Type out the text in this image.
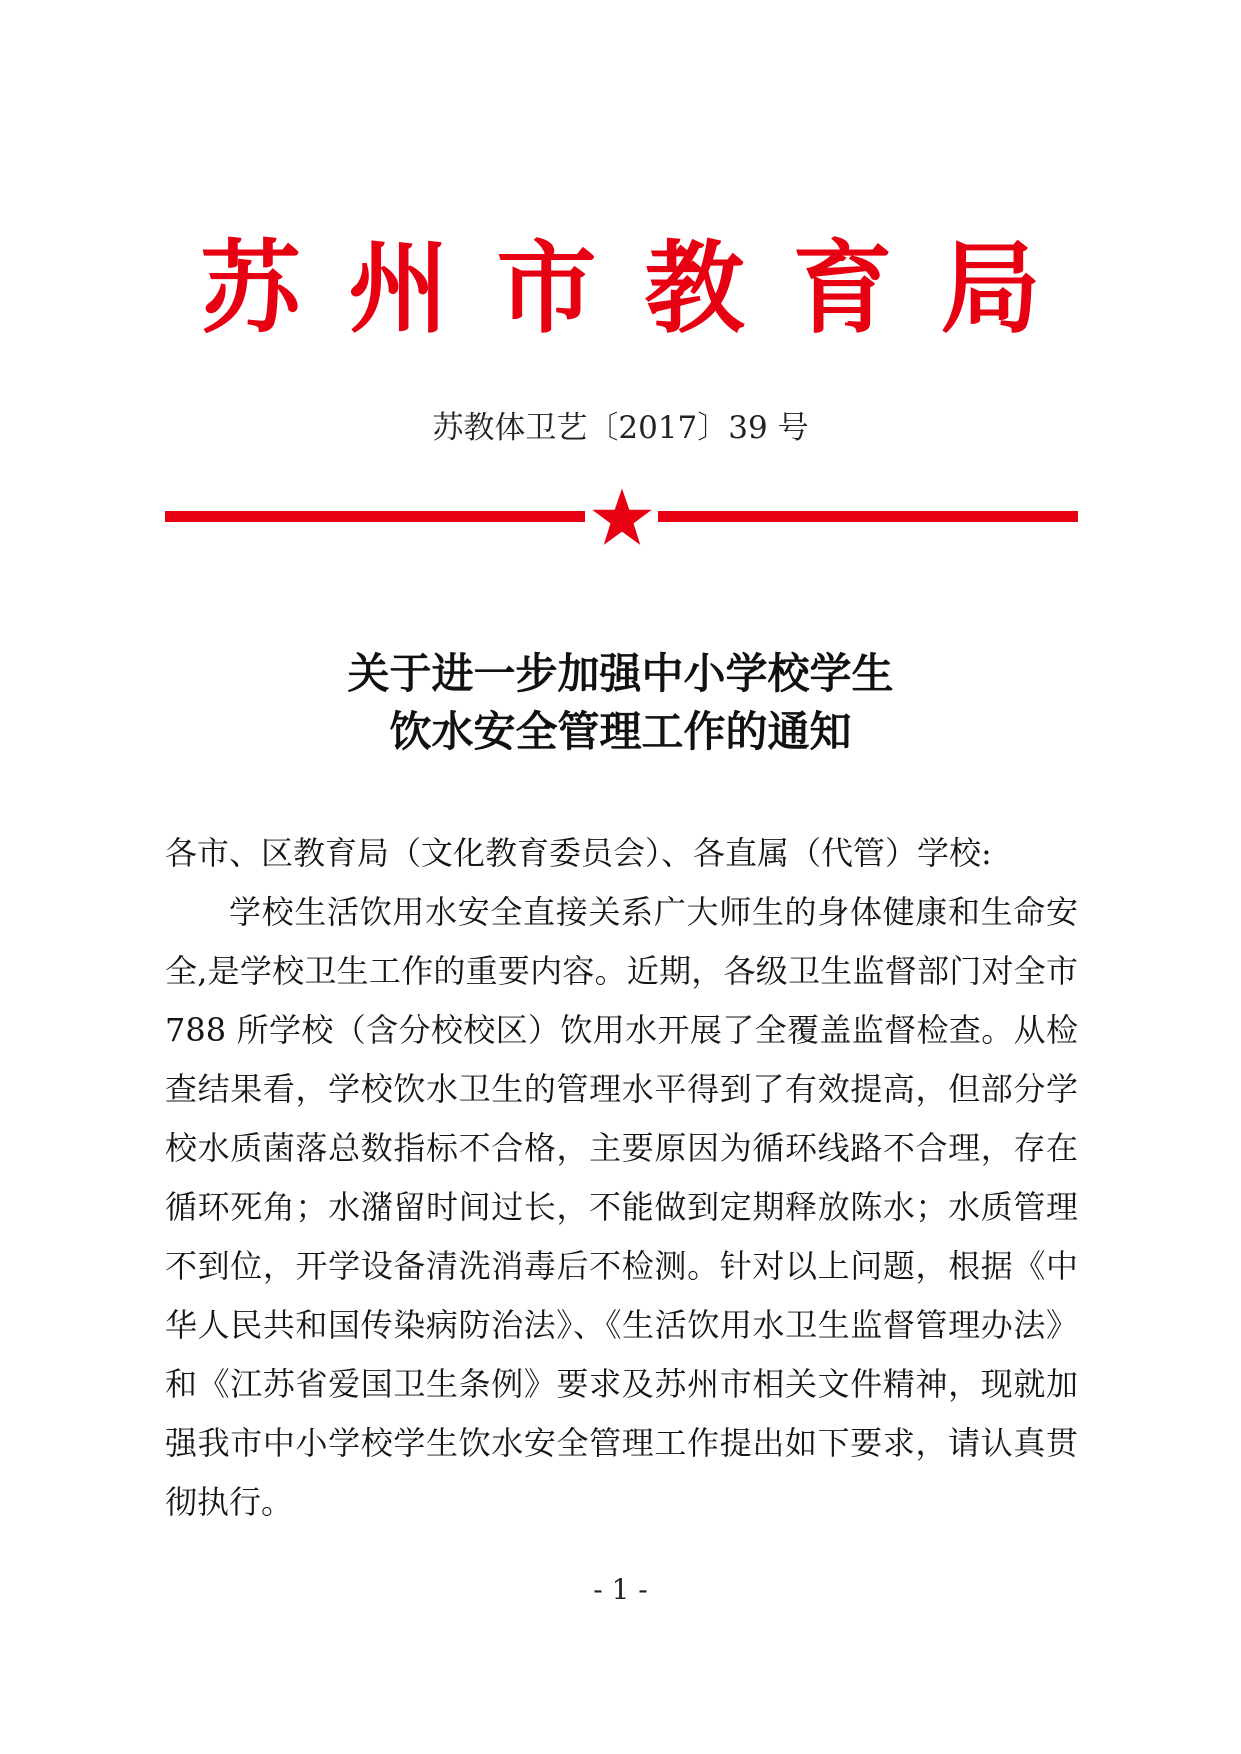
苏州市教育局
苏教体卫艺〔2017〕39 号
关于进一步加强中小学校学生
饮水安全管理工作的通知

各市、区教育局（文化教育委员会）、各直属（代管）学校:

学校生活饮用水安全直接关系广大师生的身体健康和生命安全,是学校卫生工作的重要内容。近期，各级卫生监督部门对全市 788 所学校（含分校校区）饮用水开展了全覆盖监督检查。从检查结果看，学校饮水卫生的管理水平得到了有效提高，但部分学校水质菌落总数指标不合格，主要原因为循环线路不合理，存在循环死角；水潴留时间过长，不能做到定期释放陈水；水质管理不到位，开学设备清洗消毒后不检测。针对以上问题，根据《中华人民共和国传染病防治法》、《生活饮用水卫生监督管理办法》和《江苏省爱国卫生条例》要求及苏州市相关文件精神，现就加强我市中小学校学生饮水安全管理工作提出如下要求，请认真贯彻执行。

- 1 -
